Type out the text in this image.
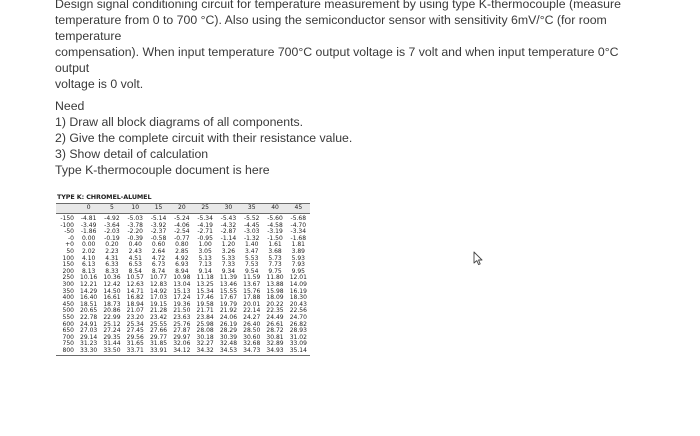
Design signal conditioning circuit for temperature measurement by using type K-thermocouple (measure

temperature from 0 to 700 °C). Also using the semiconductor sensor with sensitivity 6mV/°C (for room temperature

compensation). When input temperature 700°C output voltage is 7 volt and when input temperature 0°C output

voltage is 0 volt.

Need

1) Draw all block diagrams of all components.

2) Give the complete circuit with their resistance value.

3) Show detail of calculation

Type K-thermocouple document is here

TYPE K: CHROMEL-ALUMEL
	0	5	10	15	20	25	30	35	40	45
-150	-4.81	-4.92	-5.03	-5.14	-5.24	-5.34	-5.43	-5.52	-5.60	-5.68
-100	-3.49	-3.64	-3.78	-3.92	-4.06	-4.19	-4.32	-4.45	-4.58	-4.70
-50	-1.86	-2.03	-2.20	-2.37	-2.54	-2.71	-2.87	-3.03	-3.19	-3.34
-0	0.00	-0.19	-0.39	-0.58	-0.77	-0.95	-1.14	-1.32	-1.50	-1.68
+0	0.00	0.20	0.40	0.60	0.80	1.00	1.20	1.40	1.61	1.81
50	2.02	2.23	2.43	2.64	2.85	3.05	3.26	3.47	3.68	3.89
100	4.10	4.31	4.51	4.72	4.92	5.13	5.33	5.53	5.73	5.93
150	6.13	6.33	6.53	6.73	6.93	7.13	7.33	7.53	7.73	7.93
200	8.13	8.33	8.54	8.74	8.94	9.14	9.34	9.54	9.75	9.95
250	10.16	10.36	10.57	10.77	10.98	11.18	11.39	11.59	11.80	12.01
300	12.21	12.42	12.63	12.83	13.04	13.25	13.46	13.67	13.88	14.09
350	14.29	14.50	14.71	14.92	15.13	15.34	15.55	15.76	15.98	16.19
400	16.40	16.61	16.82	17.03	17.24	17.46	17.67	17.88	18.09	18.30
450	18.51	18.73	18.94	19.15	19.36	19.58	19.79	20.01	20.22	20.43
500	20.65	20.86	21.07	21.28	21.50	21.71	21.92	22.14	22.35	22.56
550	22.78	22.99	23.20	23.42	23.63	23.84	24.06	24.27	24.49	24.70
600	24.91	25.12	25.34	25.55	25.76	25.98	26.19	26.40	26.61	26.82
650	27.03	27.24	27.45	27.66	27.87	28.08	28.29	28.50	28.72	28.93
700	29.14	29.35	29.56	29.77	29.97	30.18	30.39	30.60	30.81	31.02
750	31.23	31.44	31.65	31.85	32.06	32.27	32.48	32.68	32.89	33.09
800	33.30	33.50	33.71	33.91	34.12	34.32	34.53	34.73	34.93	35.14
